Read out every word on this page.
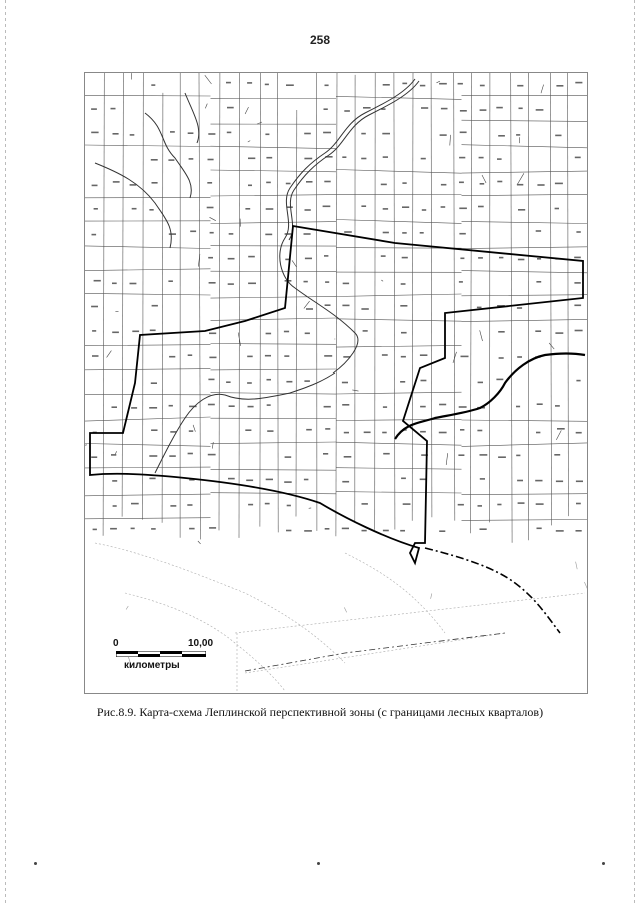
258
0	10,00
километры
Рис.8.9. Карта-схема Леплинской перспективной зоны (с границами лесных кварталов)
